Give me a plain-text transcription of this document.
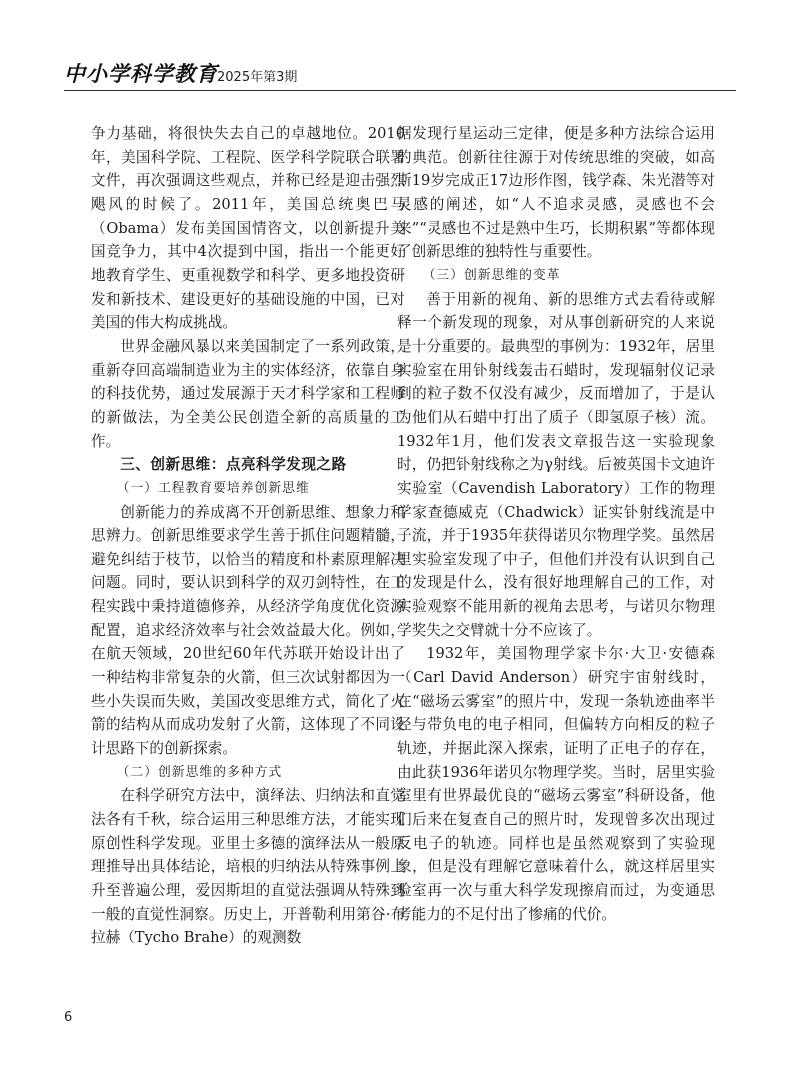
中小学科学教育 2025年第3期

争力基础，将很快失去自己的卓越地位。2010年，美国科学院、工程院、医学科学院联合联署文件，再次强调这些观点，并称已经是迎击强烈飓风的时候了。2011年，美国总统奥巴马（Obama）发布美国国情咨文，以创新提升美国竞争力，其中4次提到中国，指出一个能更好地教育学生、更重视数学和科学、更多地投资研发和新技术、建设更好的基础设施的中国，已对美国的伟大构成挑战。

世界金融风暴以来美国制定了一系列政策，重新夺回高端制造业为主的实体经济，依靠自身的科技优势，通过发展源于天才科学家和工程师的新做法，为全美公民创造全新的高质量的工作。

三、创新思维：点亮科学发现之路

（一）工程教育要培养创新思维

创新能力的养成离不开创新思维、想象力和思辨力。创新思维要求学生善于抓住问题精髓，避免纠结于枝节，以恰当的精度和朴素原理解决问题。同时，要认识到科学的双刃剑特性，在工程实践中秉持道德修养，从经济学角度优化资源配置，追求经济效率与社会效益最大化。例如，在航天领域，20世纪60年代苏联开始设计出了一种结构非常复杂的火箭，但三次试射都因为一些小失误而失败，美国改变思维方式，简化了火箭的结构从而成功发射了火箭，这体现了不同设计思路下的创新探索。

（二）创新思维的多种方式

在科学研究方法中，演绎法、归纳法和直觉法各有千秋，综合运用三种思维方法，才能实现原创性科学发现。亚里士多德的演绎法从一般原理推导出具体结论，培根的归纳法从特殊事例上升至普遍公理，爱因斯坦的直觉法强调从特殊到一般的直觉性洞察。历史上，开普勒利用第谷·布拉赫（Tycho Brahe）的观测数

据发现行星运动三定律，便是多种方法综合运用的典范。创新往往源于对传统思维的突破，如高斯19岁完成正17边形作图，钱学森、朱光潜等对灵感的阐述，如“人不追求灵感，灵感也不会来”“灵感也不过是熟中生巧，长期积累”等都体现了创新思维的独特性与重要性。

（三）创新思维的变革

善于用新的视角、新的思维方式去看待或解释一个新发现的现象，对从事创新研究的人来说是十分重要的。最典型的事例为：1932年，居里实验室在用钋射线轰击石蜡时，发现辐射仪记录到的粒子数不仅没有减少，反而增加了，于是认为他们从石蜡中打出了质子（即氢原子核）流。1932年1月，他们发表文章报告这一实验现象时，仍把钋射线称之为γ射线。后被英国卡文迪许实验室（Cavendish Laboratory）工作的物理学家查德威克（Chadwick）证实钋射线流是中子流，并于1935年获得诺贝尔物理学奖。虽然居里实验室发现了中子，但他们并没有认识到自己的发现是什么，没有很好地理解自己的工作，对实验观察不能用新的视角去思考，与诺贝尔物理学奖失之交臂就十分不应该了。

1932年，美国物理学家卡尔·大卫·安德森（Carl David Anderson）研究宇宙射线时，在“磁场云雾室”的照片中，发现一条轨迹曲率半径与带负电的电子相同，但偏转方向相反的粒子轨迹，并据此深入探索，证明了正电子的存在，由此获1936年诺贝尔物理学奖。当时，居里实验室里有世界最优良的“磁场云雾室”科研设备，他们后来在复查自己的照片时，发现曾多次出现过反电子的轨迹。同样也是虽然观察到了实验现象，但是没有理解它意味着什么，就这样居里实验室再一次与重大科学发现擦肩而过，为变通思考能力的不足付出了惨痛的代价。

6
